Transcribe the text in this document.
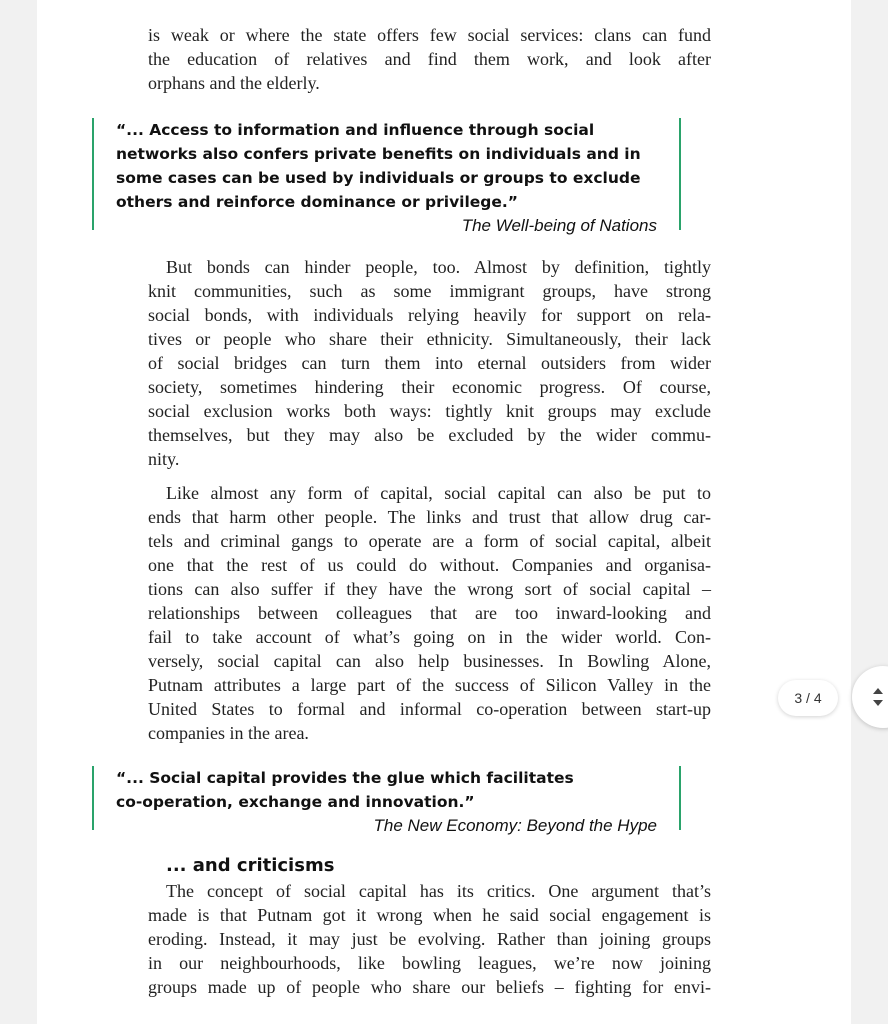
is weak or where the state offers few social services: clans can fund
the education of relatives and find them work, and look after
orphans and the elderly.
“... Access to information and influence through social
networks also confers private benefits on individuals and in
some cases can be used by individuals or groups to exclude
others and reinforce dominance or privilege.”
The Well-being of Nations
But bonds can hinder people, too. Almost by definition, tightly
knit communities, such as some immigrant groups, have strong
social bonds, with individuals relying heavily for support on rela-
tives or people who share their ethnicity. Simultaneously, their lack
of social bridges can turn them into eternal outsiders from wider
society, sometimes hindering their economic progress. Of course,
social exclusion works both ways: tightly knit groups may exclude
themselves, but they may also be excluded by the wider commu-
nity.
Like almost any form of capital, social capital can also be put to
ends that harm other people. The links and trust that allow drug car-
tels and criminal gangs to operate are a form of social capital, albeit
one that the rest of us could do without. Companies and organisa-
tions can also suffer if they have the wrong sort of social capital –
relationships between colleagues that are too inward-looking and
fail to take account of what’s going on in the wider world. Con-
versely, social capital can also help businesses. In Bowling Alone,
Putnam attributes a large part of the success of Silicon Valley in the
United States to formal and informal co-operation between start-up
companies in the area.
“... Social capital provides the glue which facilitates
co-operation, exchange and innovation.”
The New Economy: Beyond the Hype
... and criticisms
The concept of social capital has its critics. One argument that’s
made is that Putnam got it wrong when he said social engagement is
eroding. Instead, it may just be evolving. Rather than joining groups
in our neighbourhoods, like bowling leagues, we’re now joining
groups made up of people who share our beliefs – fighting for envi-
3 / 4
